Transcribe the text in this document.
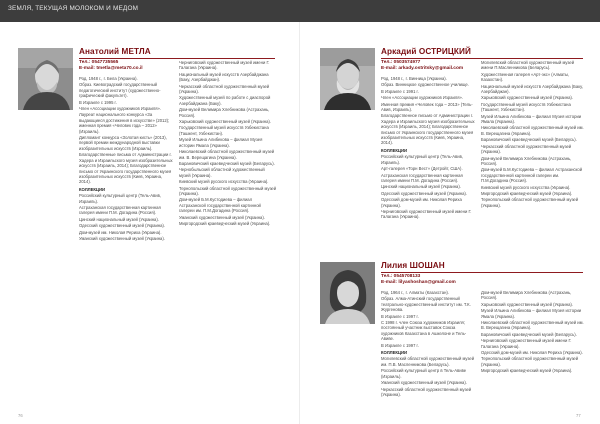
ЗЕМЛЯ, ТЕКУЩАЯ МОЛОКОМ И МЕДОМ
Анатолий МЕТЛА
Тел.: 0547735565
E-mail: tmetla@meta70.co.il

Род. 1948 г., г. Бела (Украина).

Образ. Киевоградский государственный педагогический институт (художественно-графический факультет).

В Израиле с 1995 г.

Член «Ассоциации художников Израиля».

Лауреат национального конкурса «За выдающиеся достижения в искусстве» (2012); именная премия «Человек года – 2012» (Израиль).

Дипломант конкурса «Золотая кисть» (2013), первой премии международной выставки изобразительных искусств (Израиль).

Благодарственные письма от Администрации г. Хадера и Израильского музея изобразительных искусств (Израиль, 2014); Благодарственное письмо от Украинского государственного музея изобразительных искусств (Киев, Украина, 2014).

КОЛЛЕКЦИИ

Российский культурный центр (Тель-Авив, Израиль).

Астраханская государственная картинная галерея имени П.М. Догадина (Россия).

Цинский национальный музей (Украина).

Одесский художественный музей (Украина).

Дом-музей им. Николая Рериха (Украина).

Уманский художественный музей (Украина).

Черниговский художественный музей имени Г. Галагана (Украина).

Национальный музей искусств Азербайджана (Баку, Азербайджан).

Черкасский областной художественный музей (Украина).

Художественный музей по работе с диаспорой Азербайджана (Баку).

Дом-музей Велимира Хлебникова (Астрахань, Россия).

Харьковский художественный музей (Украина).

Государственный музей искусств Узбекистана (Ташкент, Узбекистан).

Музей Ильина Алибекова – филиал Музея истории Ямала (Украина).

Николаевский областной художественный музей им. В. Верещагина (Украина).

Барановичский краеведческий музей (Беларусь).

Чернобыльский областной художественный музей (Украина).

Киевский музей русского искусства (Украина).

Тернопольский областной художественный музей (Украина).

Дом-музей Б.М.Кустодиева – филиал Астраханской государственной картинной галереи им. П.М.Догадина (Россия).

Уманский художественный музей (Украина).

Миргородский краеведческий музей (Украина).

Аркадий ОСТРИЦКИЙ
Тел.: 0503574977
E-mail: arkady.ostritsky@gmail.com

Род. 1948 г., г. Винница (Украина).

Образ. Винницкое художественное училище.

В Израиле с 1991 г.

Член «Ассоциации художников Израиля».

Именная премия «Человек года – 2013» (Тель-Авив, Израиль).

Благодарственное письмо от Администрации г. Хадера и Израильского музея изобразительных искусств (Израиль, 2014); Благодарственное письмо от Украинского государственного музея изобразительных искусств (Киев, Украина, 2014).

КОЛЛЕКЦИИ

Российский культурный центр (Тель-Авив, Израиль).

Арт-галерея «Торн Вест» (Детройт, США).

Астраханская государственная картинная галерея имени П.М. Догадина (Россия).

Цинский национальный музей (Украина).

Одесский художественный музей (Украина).

Одесский дом-музей им. Николая Рериха (Украина).

Черниговский художественный музей имени Г. Галагана (Украина).

Могилевский областной художественный музей имени П.Масленникова (Беларусь).

Художественная галерея «Арт-экс» (Алматы, Казахстан).

Национальный музей искусств Азербайджана (Баку, Азербайджан).

Харьковский художественный музей (Украина).

Государственный музей искусств Узбекистана (Ташкент, Узбекистан).

Музей Ильина Алибекова – филиал Музея истории Ямала (Украина).

Николаевский областной художественный музей им. В. Верещагина (Украина).

Барановичский краеведческий музей (Беларусь).

Черкасский областной художественный музей (Украина).

Дом-музей Велимира Хлебникова (Астрахань, Россия).

Дом-музей Б.М.Кустодиева – филиал Астраханской государственной картинной галереи им. П.М.Догадина (Россия).

Киевский музей русского искусства (Украина).

Миргородский краеведческий музей (Украина).

Тернопольский областной художественный музей (Украина).

Лилия ШОШАН
Тел.: 0545708133
E-mail: lilyashoshan@gmail.com

Род. 1964 г., г. Алматы (Казахстан).

Образ. Алма-Атинский государственный театрально-художественный институт им. Т.К. Жургенова.

В Израиле с 1997 г.

С 1998 г. член Союза художников Израиля; постоянный участник выставок Союза художников Казахстана в Ашкелоне и Тель-Авиве.

В Израиле с 1997 г.

КОЛЛЕКЦИИ

Могилевский областной художественный музей им. П.В. Масленникова (Беларусь).

Российский культурный центр в Тель-Авиве (Израиль).

Уманский художественный музей (Украина).

Черкасский областной художественный музей (Украина).

Дом-музей Велимира Хлебникова (Астрахань, Россия).

Харьковский художественный музей (Украина).

Музей Ильина Алибекова – филиал Музея истории Ямала (Украина).

Николаевский областной художественный музей им. В. Верещагина (Украина).

Барановичский краеведческий музей (Беларусь).

Черниговский художественный музей имени Г. Галагана (Украина).

Одесский дом-музей им. Николая Рериха (Украина).

Тернопольский областной художественный музей (Украина).

Миргородский краеведческий музей (Украина).

76	77
